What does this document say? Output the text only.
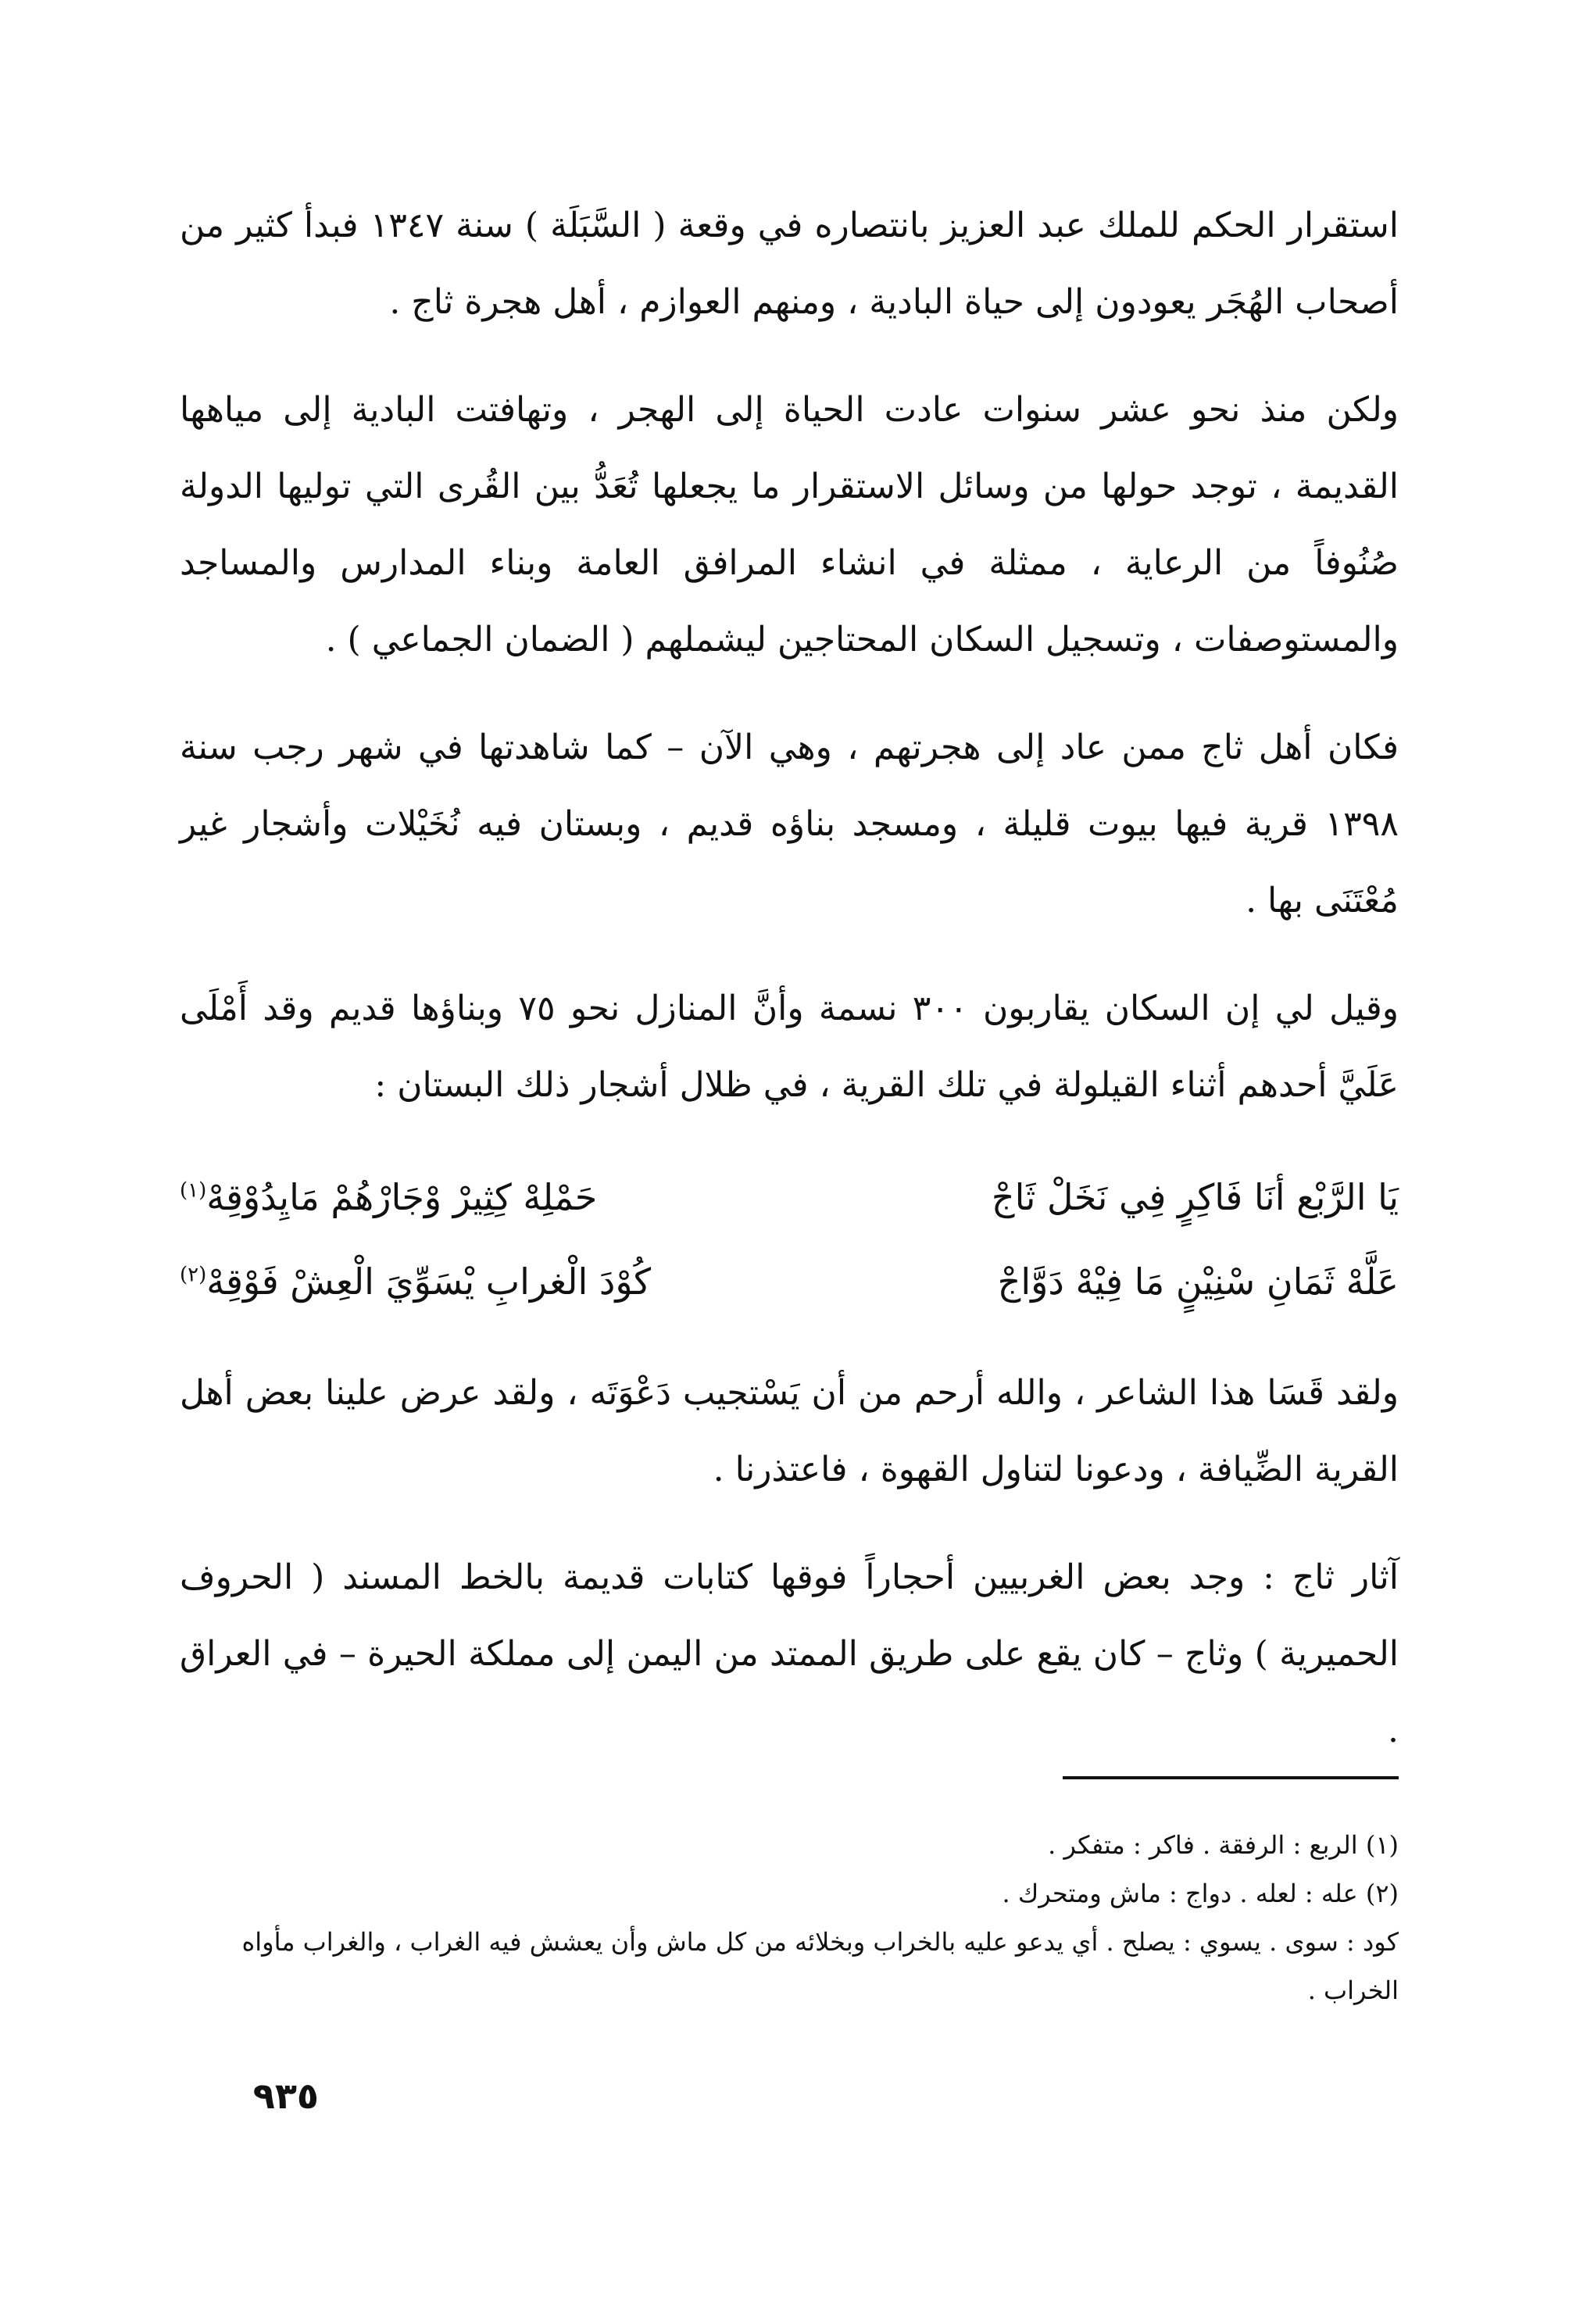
استقرار الحكم للملك عبد العزيز بانتصاره في وقعة ( السَّبَلَة ) سنة ١٣٤٧ فبدأ كثير من أصحاب الهُجَر يعودون إلى حياة البادية ، ومنهم العوازم ، أهل هجرة ثاج .

ولكن منذ نحو عشر سنوات عادت الحياة إلى الهجر ، وتهافتت البادية إلى مياهها القديمة ، توجد حولها من وسائل الاستقرار ما يجعلها تُعَدُّ بين القُرى التي توليها الدولة صُنُوفاً من الرعاية ، ممثلة في انشاء المرافق العامة وبناء المدارس والمساجد والمستوصفات ، وتسجيل السكان المحتاجين ليشملهم ( الضمان الجماعي ) .

فكان أهل ثاج ممن عاد إلى هجرتهم ، وهي الآن – كما شاهدتها في شهر رجب سنة ١٣٩٨ قرية فيها بيوت قليلة ، ومسجد بناؤه قديم ، وبستان فيه نُخَيْلات وأشجار غير مُعْتَنَى بها .

وقيل لي إن السكان يقاربون ٣٠٠ نسمة وأنَّ المنازل نحو ٧٥ وبناؤها قديم وقد أَمْلَى عَلَيَّ أحدهم أثناء القيلولة في تلك القرية ، في ظلال أشجار ذلك البستان :

يَا الرَّبْع أنَا فَاكِرٍ فِي نَخَلْ ثَاجْ
حَمْلِهْ كِثِيرْ وْجَارْهُمْ مَايِدُوْقِهْ$^{(١)}$
عَلَّهْ ثَمَانِ سْنِيْنٍ مَا فِيْهْ دَوَّاجْ
كُوْدَ الْغرابِ يْسَوِّيَ الْعِشْ فَوْقِهْ$^{(٢)}$

ولقد قَسَا هذا الشاعر ، والله أرحم من أن يَسْتجيب دَعْوَتَه ، ولقد عرض علينا بعض أهل القرية الضِّيافة ، ودعونا لتناول القهوة ، فاعتذرنا .

آثار ثاج : وجد بعض الغربيين أحجاراً فوقها كتابات قديمة بالخط المسند ( الحروف الحميرية ) وثاج – كان يقع على طريق الممتد من اليمن إلى مملكة الحيرة – في العراق .

(١) الربع : الرفقة . فاكر : متفكر .

(٢) عله : لعله . دواج : ماش ومتحرك .

كود : سوى . يسوي : يصلح . أي يدعو عليه بالخراب وبخلائه من كل ماش وأن يعشش فيه الغراب ، والغراب مأواه الخراب .

٩٣٥
